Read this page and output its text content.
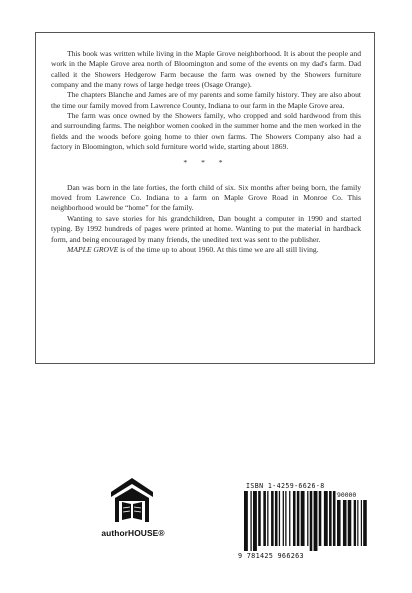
This book was written while living in the Maple Grove neighborhood. It is about the people and work in the Maple Grove area north of Bloomington and some of the events on my dad's farm. Dad called it the Showers Hedgerow Farm because the farm was owned by the Showers furniture company and the many rows of large hedge trees (Osage Orange).

The chapters Blanche and James are of my parents and some family history. They are also about the time our family moved from Lawrence County, Indiana to our farm in the Maple Grove area.

The farm was once owned by the Showers family, who cropped and sold hardwood from this and surrounding farms. The neighbor women cooked in the summer home and the men worked in the fields and the woods before going home to thier own farms. The Showers Company also had a factory in Bloomington, which sold furniture world wide, starting about 1869.

* * *

Dan was born in the late forties, the forth child of six. Six months after being born, the family moved from Lawrence Co. Indiana to a farm on Maple Grove Road in Monroe Co. This neighborhood would be “home” for the family.

Wanting to save stories for his grandchildren, Dan bought a computer in 1990 and started typing. By 1992 hundreds of pages were printed at home. Wanting to put the material in hardback form, and being encouraged by many friends, the unedited text was sent to the publisher.

MAPLE GROVE is of the time up to about 1960. At this time we are all still living.

authorHOUSE®
ISBN 1-4259-6626-8
90000
9 781425 966263
